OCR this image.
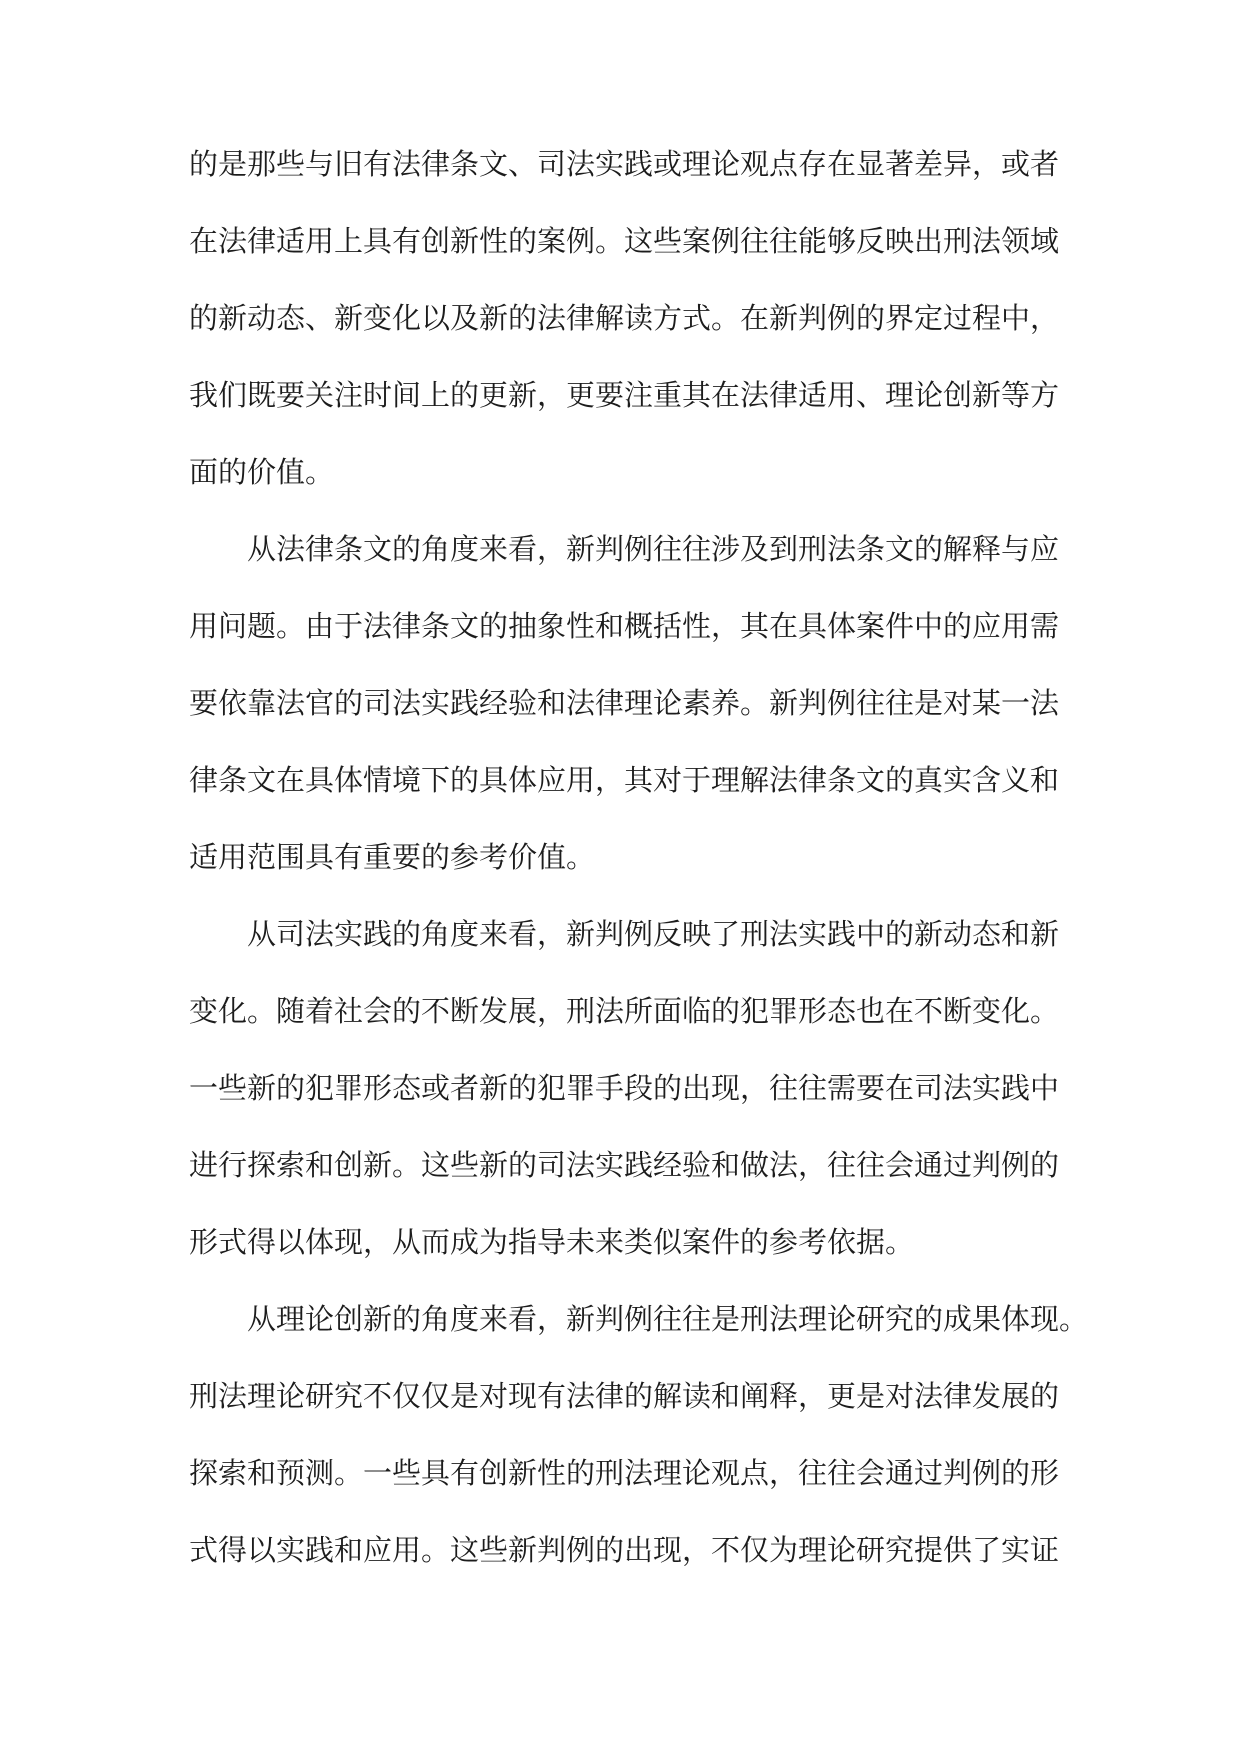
的是那些与旧有法律条文、司法实践或理论观点存在显著差异，或者
在法律适用上具有创新性的案例。这些案例往往能够反映出刑法领域
的新动态、新变化以及新的法律解读方式。在新判例的界定过程中，
我们既要关注时间上的更新，更要注重其在法律适用、理论创新等方
面的价值。
从法律条文的角度来看，新判例往往涉及到刑法条文的解释与应
用问题。由于法律条文的抽象性和概括性，其在具体案件中的应用需
要依靠法官的司法实践经验和法律理论素养。新判例往往是对某一法
律条文在具体情境下的具体应用，其对于理解法律条文的真实含义和
适用范围具有重要的参考价值。
从司法实践的角度来看，新判例反映了刑法实践中的新动态和新
变化。随着社会的不断发展，刑法所面临的犯罪形态也在不断变化。
一些新的犯罪形态或者新的犯罪手段的出现，往往需要在司法实践中
进行探索和创新。这些新的司法实践经验和做法，往往会通过判例的
形式得以体现，从而成为指导未来类似案件的参考依据。
从理论创新的角度来看，新判例往往是刑法理论研究的成果体现。
刑法理论研究不仅仅是对现有法律的解读和阐释，更是对法律发展的
探索和预测。一些具有创新性的刑法理论观点，往往会通过判例的形
式得以实践和应用。这些新判例的出现，不仅为理论研究提供了实证
